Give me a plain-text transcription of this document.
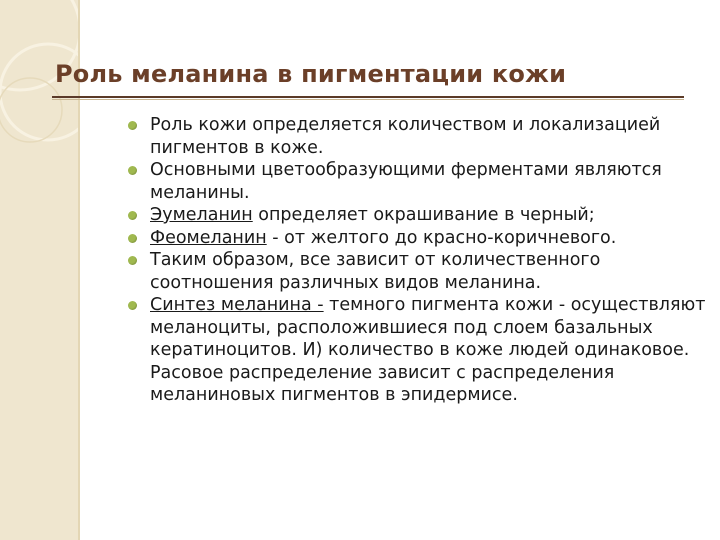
Роль меланина в пигментации кожи
Роль кожи определяется количеством и локализацией пигментов в коже.
Основными цветообразующими ферментами являются меланины.
Эумеланин определяет окрашивание в черный;
Феомеланин - от желтого до красно-коричневого.
Таким образом, все зависит от количественного соотношения различных видов меланина.
Синтез меланина - темного пигмента кожи - осуществляют меланоциты, расположившиеся под слоем базальных кератиноцитов. И) количество в коже людей одинаковое. Расовое распределение зависит с распределения меланиновых пигментов в эпидермисе.
